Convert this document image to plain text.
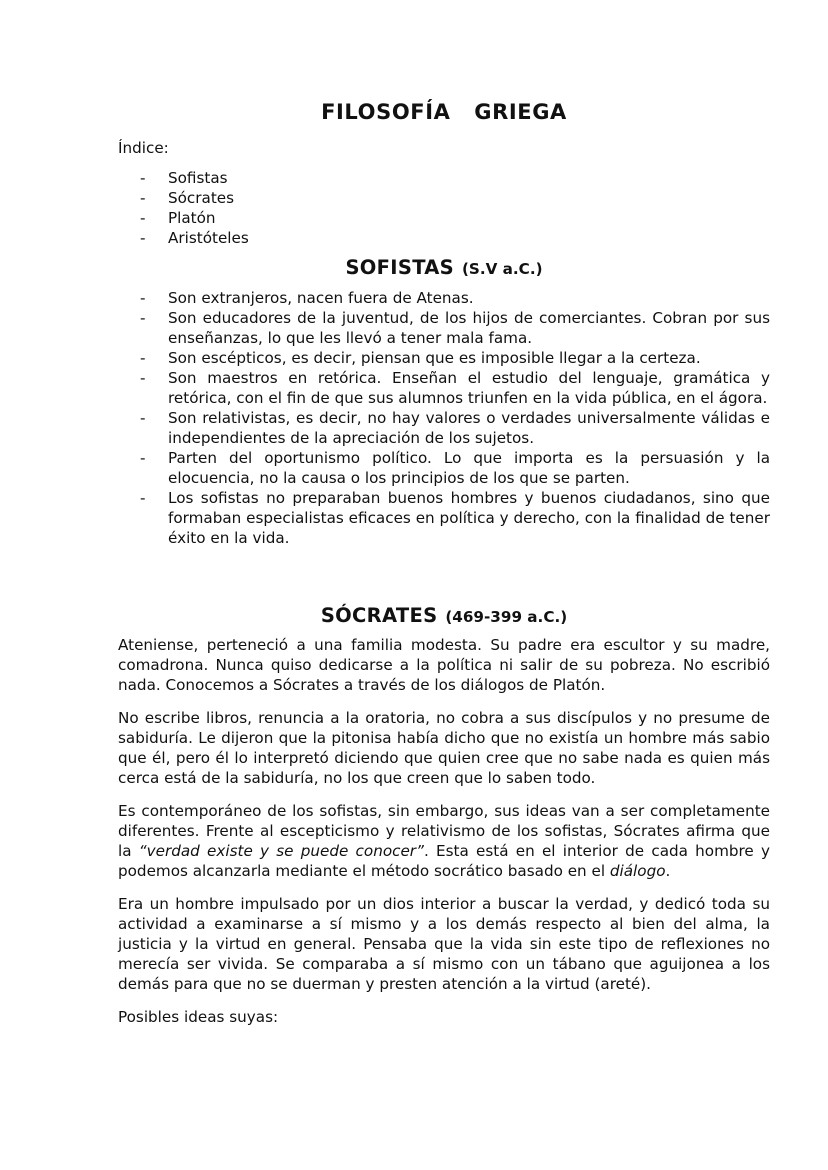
FILOSOFÍA   GRIEGA
Índice:
- Sofistas
- Sócrates
- Platón
- Aristóteles
SOFISTAS (S.V a.C.)
- Son extranjeros, nacen fuera de Atenas.
- Son educadores de la juventud, de los hijos de comerciantes. Cobran por sus enseñanzas, lo que les llevó a tener mala fama.
- Son escépticos, es decir, piensan que es imposible llegar a la certeza.
- Son maestros en retórica. Enseñan el estudio del lenguaje, gramática y retórica, con el fin de que sus alumnos triunfen en la vida pública, en el ágora.
- Son relativistas, es decir, no hay valores o verdades universalmente válidas e independientes de la apreciación de los sujetos.
- Parten del oportunismo político. Lo que importa es la persuasión y la elocuencia, no la causa o los principios de los que se parten.
- Los sofistas no preparaban buenos hombres y buenos ciudadanos, sino que formaban especialistas eficaces en política y derecho, con la finalidad de tener éxito en la vida.
SÓCRATES (469-399 a.C.)

Ateniense, perteneció a una familia modesta. Su padre era escultor y su madre, comadrona. Nunca quiso dedicarse a la política ni salir de su pobreza. No escribió nada. Conocemos a Sócrates a través de los diálogos de Platón.

No escribe libros, renuncia a la oratoria, no cobra a sus discípulos y no presume de sabiduría. Le dijeron que la pitonisa había dicho que no existía un hombre más sabio que él, pero él lo interpretó diciendo que quien cree que no sabe nada es quien más cerca está de la sabiduría, no los que creen que lo saben todo.

Es contemporáneo de los sofistas, sin embargo, sus ideas van a ser completamente diferentes. Frente al escepticismo y relativismo de los sofistas, Sócrates afirma que la “verdad existe y se puede conocer”. Esta está en el interior de cada hombre y podemos alcanzarla mediante el método socrático basado en el diálogo.

Era un hombre impulsado por un dios interior a buscar la verdad, y dedicó toda su actividad a examinarse a sí mismo y a los demás respecto al bien del alma, la justicia y la virtud en general. Pensaba que la vida sin este tipo de reflexiones no merecía ser vivida. Se comparaba a sí mismo con un tábano que aguijonea a los demás para que no se duerman y presten atención a la virtud (areté).

Posibles ideas suyas:
